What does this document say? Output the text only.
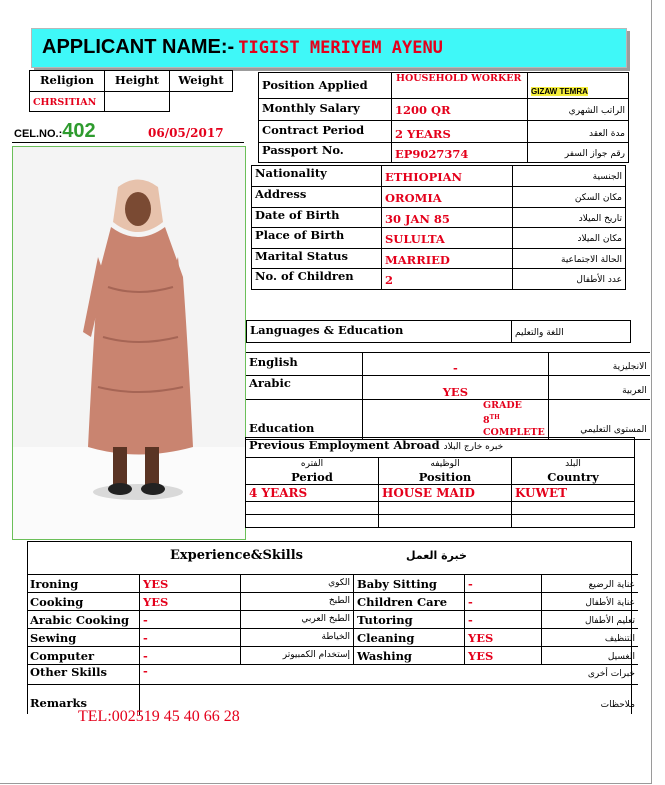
APPLICANT NAME:- TIGIST MERIYEM AYENU
Religion	Height	Weight
CHRSITIAN		
CEL.NO.:402	06/05/2017
Position Applied	HOUSEHOLD WORKER	GIZAW TEMRA
Monthly Salary	1200 QR	الراتب الشهري
Contract Period	2 YEARS	مدة العقد
Passport No.	EP9027374	رقم جواز السفر
Nationality	ETHIOPIAN	الجنسية
Address	OROMIA	مكان السكن
Date of Birth	30 JAN 85	تاريخ الميلاد
Place of Birth	SULULTA	مكان الميلاد
Marital Status	MARRIED	الحالة الاجتماعية
No. of Children	2	عدد الأطفال
Languages & Education	اللغة والتعليم
English	-	الانجليزية
Arabic	YES	العربية
Education	GRADE
8TH
COMPLETE	المستوى التعليمي
Previous Employment Abroad خبره خارج البلاد		
الفتره	الوظيفه	البلد
Period	Position	Country
4 YEARS	HOUSE MAID	KUWET

Experience&Skills	خبرة العمل
Ironing	YES	الكوي	Baby Sitting	-	عناية الرضيع
Cooking	YES	الطبخ	Children Care	-	عناية الأطفال
Arabic Cooking	-	الطبخ العربي	Tutoring	-	تعليم الأطفال
Sewing	-	الخياطة	Cleaning	YES	التنظيف
Computer	-	إستخدام الكمبيوتر	Washing	YES	الغسيل
Other Skills	-				خبرات أخرى
Remarks					ملاحظات
TEL:002519 45 40 66 28
